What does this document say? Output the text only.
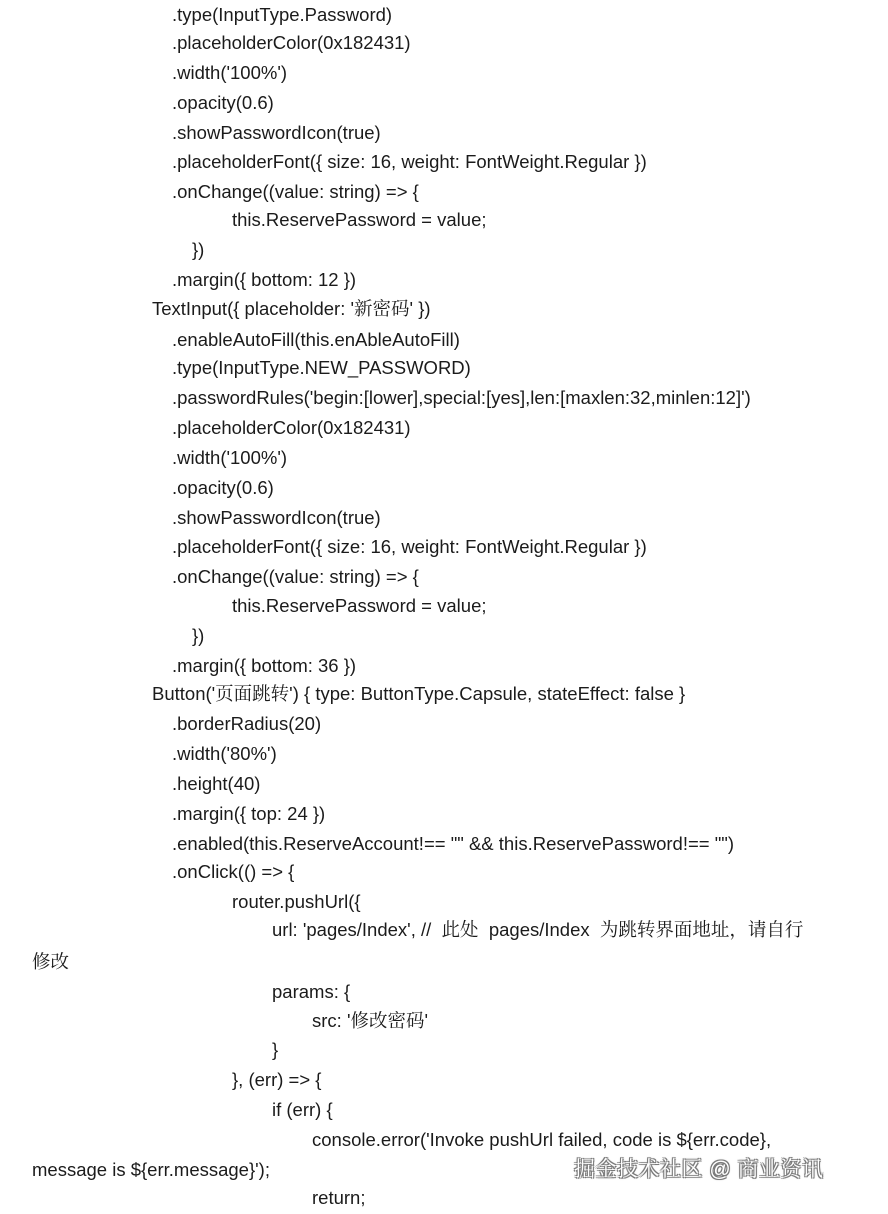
.type(InputType.Password)
.placeholderColor(0x182431)
.width('100%')
.opacity(0.6)
.showPasswordIcon(true)
.placeholderFont({ size: 16, weight: FontWeight.Regular })
.onChange((value: string) => {
this.ReservePassword = value;
})
.margin({ bottom: 12 })
TextInput({ placeholder: '新密码' })
.enableAutoFill(this.enAbleAutoFill)
.type(InputType.NEW_PASSWORD)
.passwordRules('begin:[lower],special:[yes],len:[maxlen:32,minlen:12]')
.placeholderColor(0x182431)
.width('100%')
.opacity(0.6)
.showPasswordIcon(true)
.placeholderFont({ size: 16, weight: FontWeight.Regular })
.onChange((value: string) => {
this.ReservePassword = value;
})
.margin({ bottom: 36 })
Button('页面跳转') { type: ButtonType.Capsule, stateEffect: false }
.borderRadius(20)
.width('80%')
.height(40)
.margin({ top: 24 })
.enabled(this.ReserveAccount!== "" && this.ReservePassword!== "")
.onClick(() => {
router.pushUrl({
url: 'pages/Index', //  此处  pages/Index  为跳转界面地址，请自行
修改
params: {
src: '修改密码'
}
}, (err) => {
if (err) {
console.error('Invoke pushUrl failed, code is ${err.code},
message is ${err.message}');
return;
掘金技术社区 @ 商业资讯
